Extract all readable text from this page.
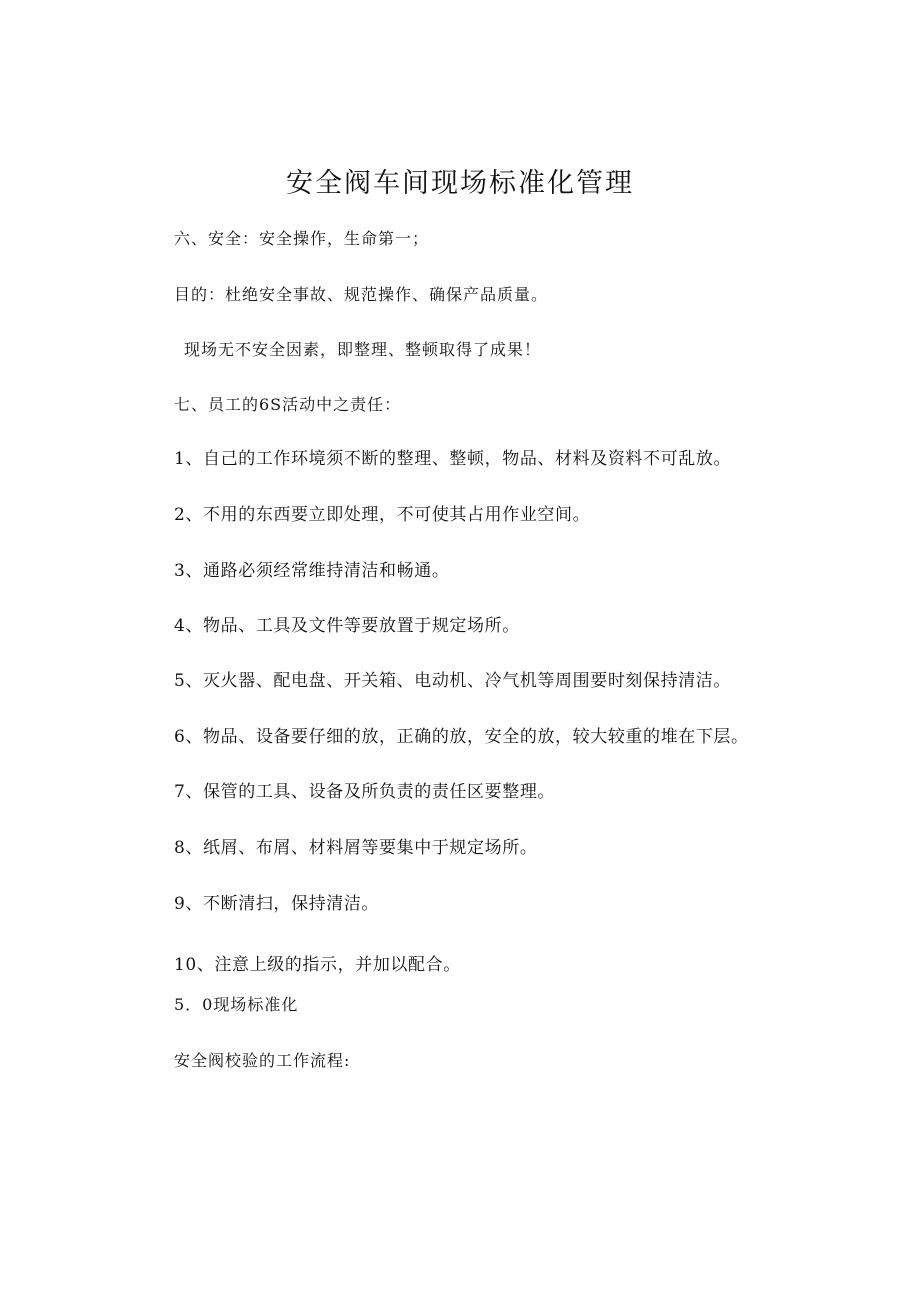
安全阀车间现场标准化管理
六、安全：安全操作，生命第一；
目的：杜绝安全事故、规范操作、确保产品质量。
现场无不安全因素，即整理、整顿取得了成果！
七、员工的6S活动中之责任：
1、自己的工作环境须不断的整理、整顿，物品、材料及资料不可乱放。
2、不用的东西要立即处理，不可使其占用作业空间。
3、通路必须经常维持清洁和畅通。
4、物品、工具及文件等要放置于规定场所。
5、灭火器、配电盘、开关箱、电动机、冷气机等周围要时刻保持清洁。
6、物品、设备要仔细的放，正确的放，安全的放，较大较重的堆在下层。
7、保管的工具、设备及所负责的责任区要整理。
8、纸屑、布屑、材料屑等要集中于规定场所。
9、不断清扫，保持清洁。
10、注意上级的指示，并加以配合。
5．0现场标准化
安全阀校验的工作流程:
